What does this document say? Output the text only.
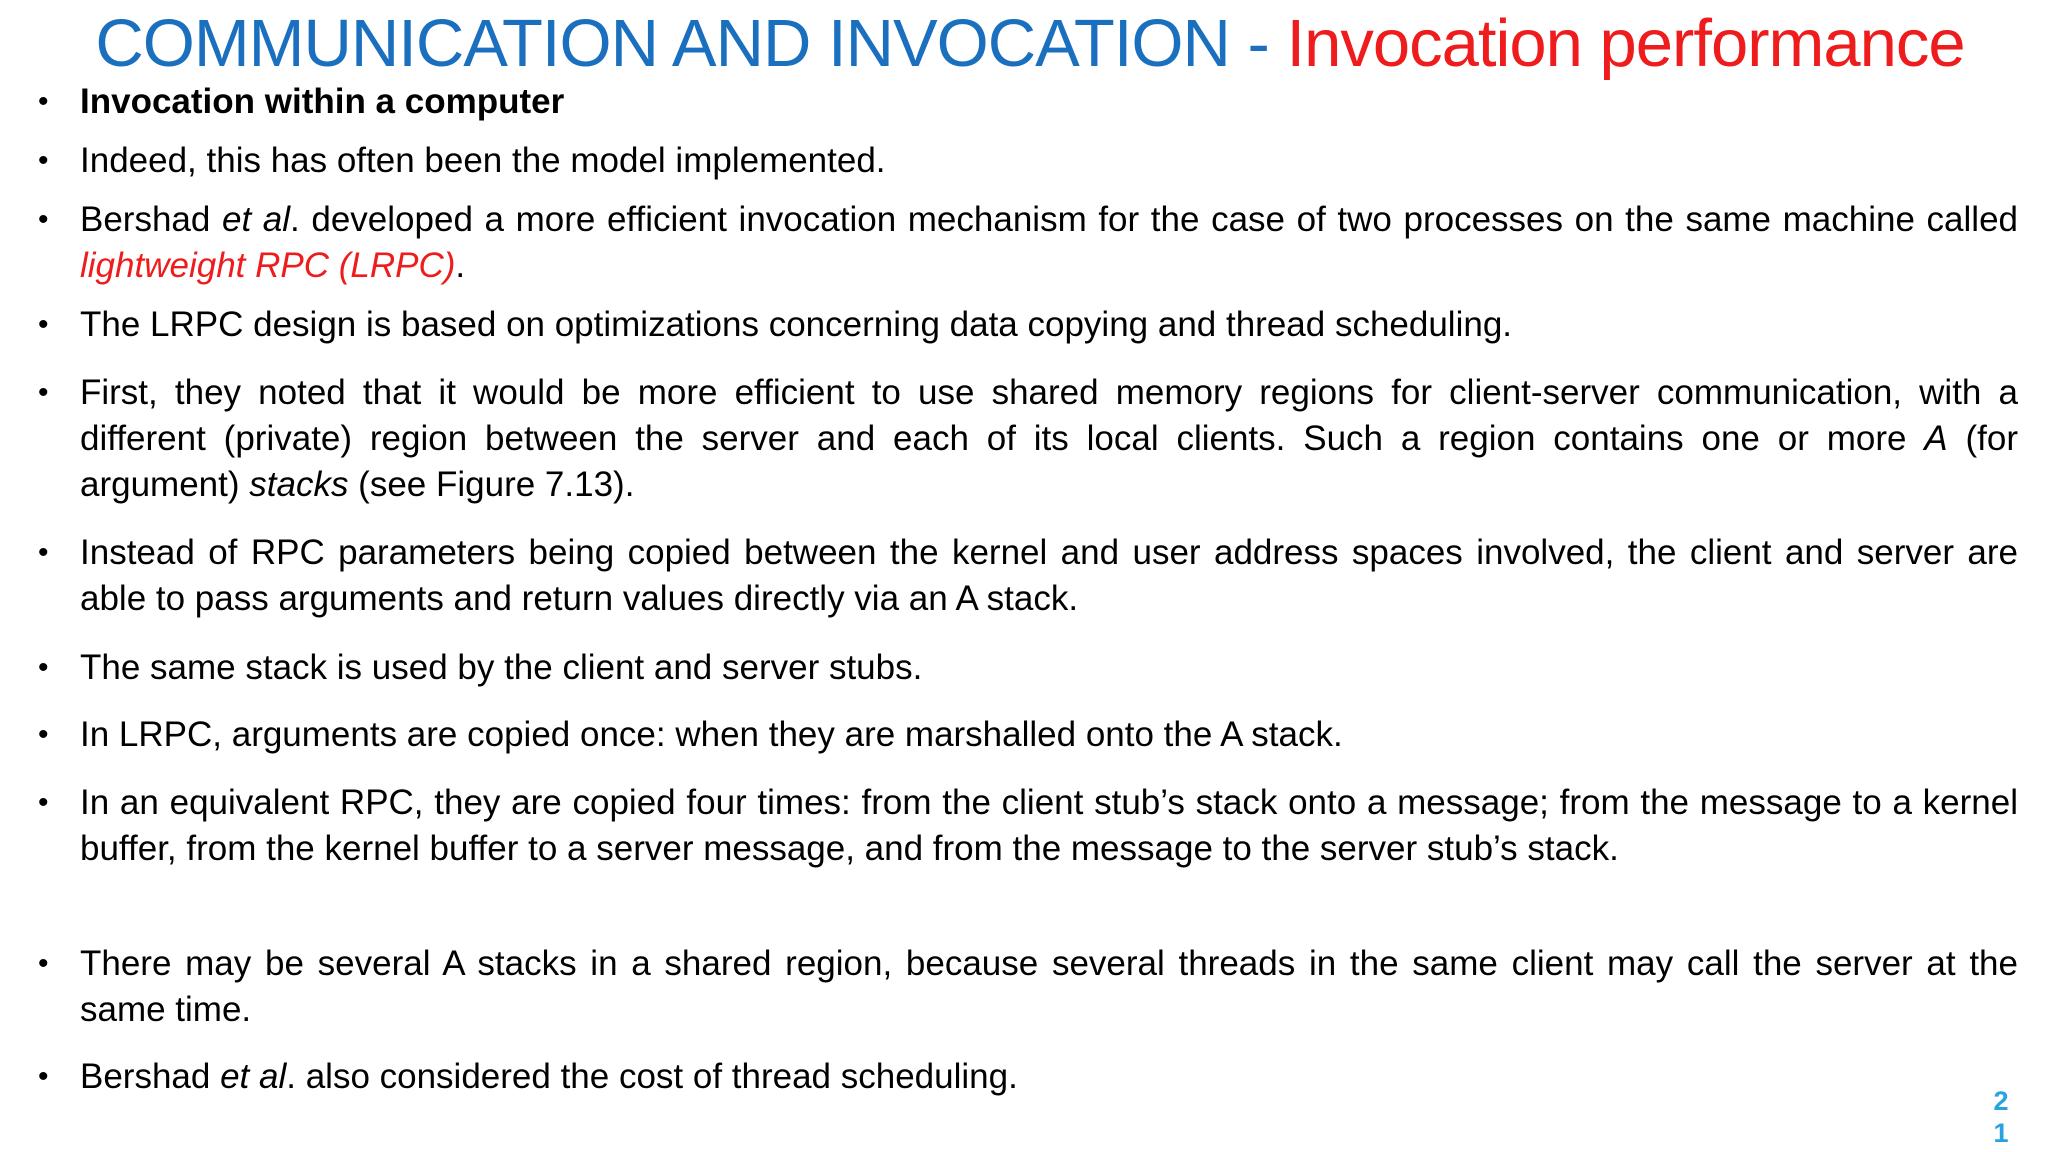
COMMUNICATION AND INVOCATION - Invocation performance
• Invocation within a computer
• Indeed, this has often been the model implemented.
• Bershad et al. developed a more efficient invocation mechanism for the case of two processes on the same machine called lightweight RPC (LRPC).
• The LRPC design is based on optimizations concerning data copying and thread scheduling.
• First, they noted that it would be more efficient to use shared memory regions for client-server communication, with a different (private) region between the server and each of its local clients. Such a region contains one or more A (for argument) stacks (see Figure 7.13).
• Instead of RPC parameters being copied between the kernel and user address spaces involved, the client and server are able to pass arguments and return values directly via an A stack.
• The same stack is used by the client and server stubs.
• In LRPC, arguments are copied once: when they are marshalled onto the A stack.
• In an equivalent RPC, they are copied four times: from the client stub’s stack onto a message; from the message to a kernel buffer, from the kernel buffer to a server message, and from the message to the server stub’s stack.
• There may be several A stacks in a shared region, because several threads in the same client may call the server at the same time.
• Bershad et al. also considered the cost of thread scheduling.
2
1
